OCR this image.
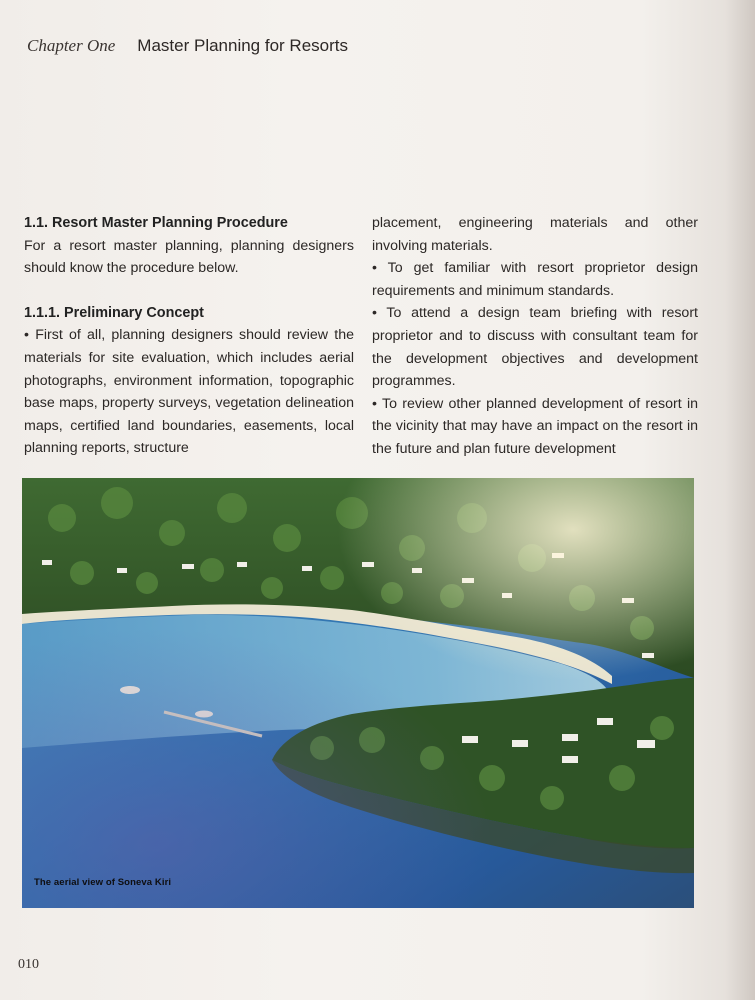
Chapter One Master Planning for Resorts
1.1. Resort Master Planning Procedure
For a resort master planning, planning designers should know the procedure below.
1.1.1. Preliminary Concept
• First of all, planning designers should review the materials for site evaluation, which includes aerial photographs, environment information, topographic base maps, property surveys, vegetation delineation maps, certified land boundaries, easements, local planning reports, structure
placement, engineering materials and other involving materials.
• To get familiar with resort proprietor design requirements and minimum standards.
• To attend a design team briefing with resort proprietor and to discuss with consultant team for the development objectives and development programmes.
• To review other planned development of resort in the vicinity that may have an impact on the resort in the future and plan future development
The aerial view of Soneva Kiri
010
